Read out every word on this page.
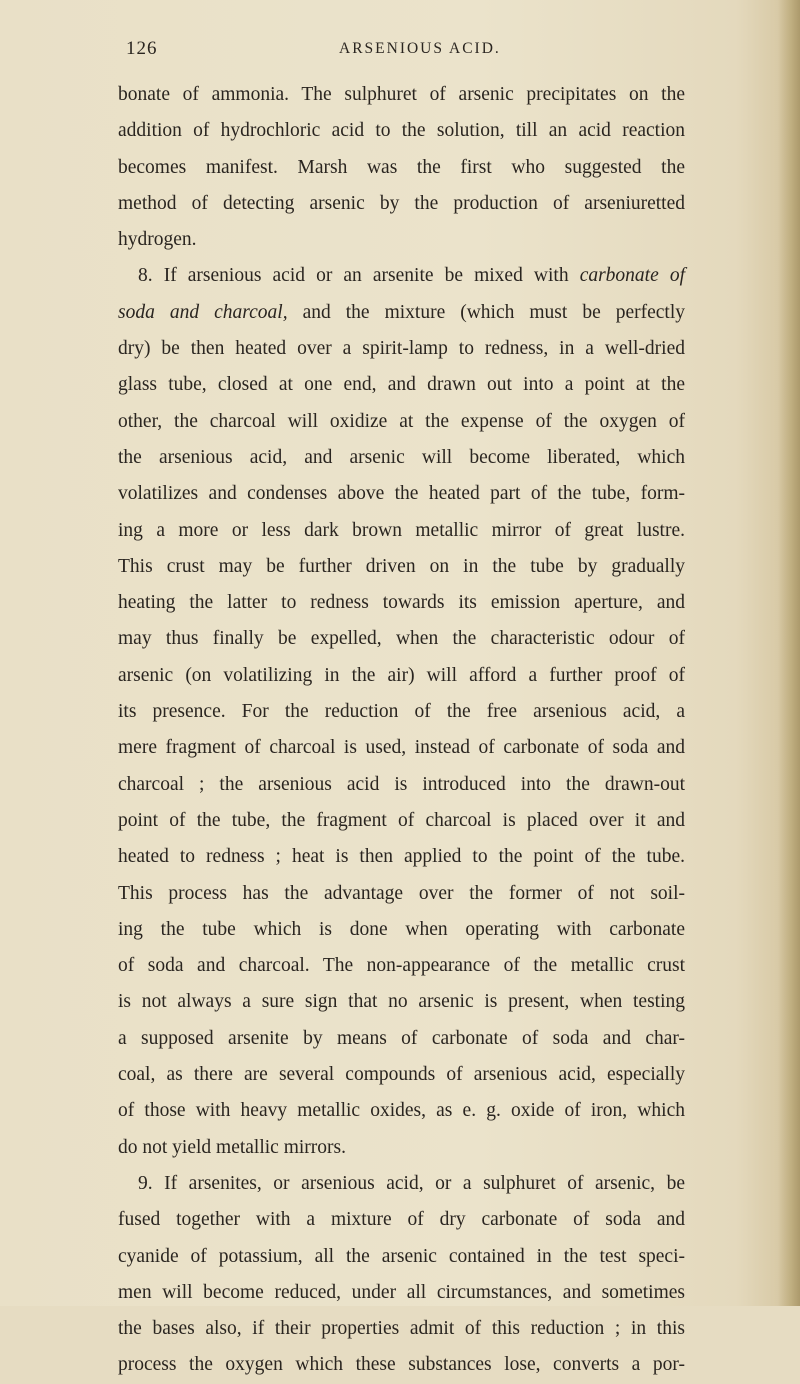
126	ARSENIOUS ACID.
bonate of ammonia. The sulphuret of arsenic precipitates on the
addition of hydrochloric acid to the solution, till an acid reaction
becomes manifest. Marsh was the first who suggested the
method of detecting arsenic by the production of arseniuretted
hydrogen.
8. If arsenious acid or an arsenite be mixed with carbonate of
soda and charcoal, and the mixture (which must be perfectly
dry) be then heated over a spirit-lamp to redness, in a well-dried
glass tube, closed at one end, and drawn out into a point at the
other, the charcoal will oxidize at the expense of the oxygen of
the arsenious acid, and arsenic will become liberated, which
volatilizes and condenses above the heated part of the tube, form-
ing a more or less dark brown metallic mirror of great lustre.
This crust may be further driven on in the tube by gradually
heating the latter to redness towards its emission aperture, and
may thus finally be expelled, when the characteristic odour of
arsenic (on volatilizing in the air) will afford a further proof of
its presence. For the reduction of the free arsenious acid, a
mere fragment of charcoal is used, instead of carbonate of soda and
charcoal ; the arsenious acid is introduced into the drawn-out
point of the tube, the fragment of charcoal is placed over it and
heated to redness ; heat is then applied to the point of the tube.
This process has the advantage over the former of not soil-
ing the tube which is done when operating with carbonate
of soda and charcoal. The non-appearance of the metallic crust
is not always a sure sign that no arsenic is present, when testing
a supposed arsenite by means of carbonate of soda and char-
coal, as there are several compounds of arsenious acid, especially
of those with heavy metallic oxides, as e. g. oxide of iron, which
do not yield metallic mirrors.
9. If arsenites, or arsenious acid, or a sulphuret of arsenic, be
fused together with a mixture of dry carbonate of soda and
cyanide of potassium, all the arsenic contained in the test speci-
men will become reduced, under all circumstances, and sometimes
the bases also, if their properties admit of this reduction ; in this
process the oxygen which these substances lose, converts a por-
